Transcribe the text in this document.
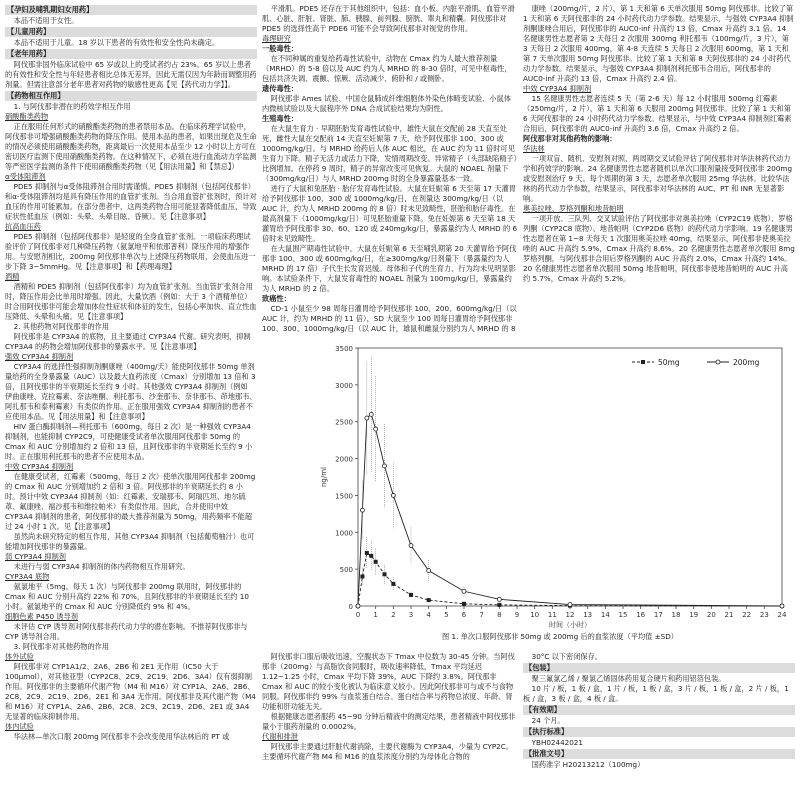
【孕妇及哺乳期妇女用药】
本品不适用于女性。
【儿童用药】
本品不适用于儿童。18 岁以下患者的有效性和安全性尚未确定。
【老年用药】
阿伐那非国外临床试验中 65 岁或以上的受试者约占 23%。65 岁以上患者的有效性和安全性与年轻患者相比总体无差异，因此无需仅因为年龄而调整用药剂量。但需注意部分老年患者对药物的敏感性更高【见【药代动力学】】。
【药物相互作用】
1. 与阿伐那非潜在的药效学相互作用
硝酸酯类药物
正在服用任何形式的硝酸酯类药物的患者禁用本品。在临床药理学试验中，阿伐那非可增强硝酸酯类药物的降压作用。使用本品的患者，如果出现危及生命的情况必须使用硝酸酯类药物，距离最后一次使用本品至少 12 小时以上方可在密切医疗监测下使用硝酸酯类药物。在这种情况下，必须在进行血流动力学监测等严密医学监测的条件下使用硝酸酯类药物（见【用法用量】和【禁忌】）
α受体阻滞剂
PDE5 抑制剂与α受体阻滞剂合用时需谨慎。PDE5 抑制剂（包括阿伐那非）和α-受体阻滞剂均是具有降压作用的血管扩张剂。当合用血管扩张剂时，预计对血压的作用可能累加。在部分患者中，这两类药物合用可能显著降低血压，导致症状性低血压（例如：头晕、头晕目眩、昏厥）。见【注意事项】
抗高血压药
PDE5 抑制剂（包括阿伐那非）是轻度的全身血管扩张剂。一项临床药理试验评价了阿伐那非对几种降压药物（氨氯地平和依那普利）降压作用的增强作用。与安慰剂相比，200mg 阿伐那非单次与上述降压药物联用，会使血压进一步下降 3~5mmHg。见【注意事项】和【药理毒理】
酒精
酒精和 PDE5 抑制剂（包括阿伐那非）均为血管扩张剂。当血管扩张剂合用时，降压作用会比单用时增强。因此，大量饮酒（例如：大于 3 个酒精单位）时合用阿伐那非可能会增加体位性症状和体征的发生，包括心率加快、直立性血压降低、头晕和头痛。见【注意事项】
2. 其他药物对阿伐那非的作用
阿伐那非是 CYP3A4 的底物，且主要通过 CYP3A4 代谢。研究表明，抑制 CYP3A4 的药物会增加阿伐那非的暴露水平。见【注意事项】
强效 CYP3A4 抑制剂
CYP3A4 的选择性强抑制剂酮康唑（400mg/天）能使阿伐那非 50mg 单剂量给药的全身暴露量（AUC）以及最大血药浓度（Cmax）分别增加 13 倍和 3 倍，且阿伐那非的半衰期延长至约 9 小时。其他强效 CYP3A4 抑制剂（例如 伊曲康唑、克拉霉素、奈法唑酮、利托那韦、沙奎那韦、奈非那韦、茚地那韦、阿扎那韦和泰利霉素）有类似的作用。正在服用强效 CYP3A4 抑制剂的患者不应使用本品。见【用法用量】和【注意事项】
HIV 蛋白酶抑制剂—利托那韦（600mg，每日 2 次）是一种强效 CYP3A4 抑制剂，也能抑制 CYP2C9，可使健康受试者单次服用阿伐那非 50mg 的 Cmax 和 AUC 分别增加约 2 倍和 13 倍，且阿伐那非的半衰期延长至约 9 小时。正在服用利托那韦的患者不应使用本品。
中效 CYP3A4 抑制剂
在健康受试者，红霉素（500mg，每日 2 次）使单次服用阿伐那非 200mg 的 Cmax 和 AUC 分别增加约 2 倍和 3 倍。阿伐那非的半衰期延长约 8 小时。预计中效 CYP3A4 抑制剂（如：红霉素、安瑞那韦、阿瑞匹坦、地尔硫䓬、氟康唑、福沙那韦和维拉帕米）有类似作用。因此，合并使用中效 CYP3A4 抑制剂的患者，阿伐那非的最大推荐剂量为 50mg，用药频率不能超过 24 小时 1 次。见【注意事项】
虽然尚未研究特定的相互作用，其他 CYP3A4 抑制剂（包括葡萄柚汁）也可能增加阿伐那非的暴露量。
弱 CYP3A4 抑制剂
未进行与弱 CYP3A4 抑制剂的体内药物相互作用研究。
CYP3A4 底物
氨氯地平（5mg，每天 1 次）与阿伐那非 200mg 联用时，阿伐那非的 Cmax 和 AUC 分别升高约 22% 和 70%，且阿伐那非的半衰期延长至约 10 小时。氨氯地平的 Cmax 和 AUC 分别降低约 9% 和 4%。
细胞色素 P450 诱导剂
未评估 CYP 诱导剂对阿伐那非药代动力学的潜在影响。不推荐阿伐那非与 CYP 诱导剂合用。
3. 阿伐那非对其他药物的作用
体外试验
阿伐那非对 CYP1A1/2、2A6、2B6 和 2E1 无作用（IC50 大于 100μmol），对其他亚型（CYP2C8、2C9、2C19、2D6、3A4）仅有弱抑制作用。阿伐那非的主要循环代谢产物（M4 和 M16）对 CYP1A、2A6、2B6、2C8、2C9、2C19、2D6、2E1 和 3A4 无作用。阿伐那非及其代谢产物（M4 和 M16）对 CYP1A、2A6、2B6、2C8、2C9、2C19、2D6、2E1 或 3A4 无显著的临床抑制作用。
体内试验
华法林—单次口服 200mg 阿伐那非不会改变使用华法林后的 PT 或
平滑肌。PDE5 还存在于其他组织中，包括：血小板、内脏平滑肌、血管平滑肌、心脏、肝脏、肾脏、肺、胰腺、前列腺、膀胱、睾丸和精囊。阿伐那非对 PDE5 的选择性高于 PDE6 可能不会导致阿伐那非对视觉的作用。
毒理研究
一般毒性：
在不同种属的重复给药毒性试验中，动物在 Cmax 约为人最大推荐剂量（MRHD）的 5-8 倍以及 AUC 约为人 MRHD 的 8-30 倍时，可见中枢毒性，包括共济失调、震颤、惊厥、活动减少、俯卧和 / 或侧卧。
遗传毒性：
阿伐那非 Ames 试验、中国仓鼠肺成纤维细胞体外染色体畸变试验、小鼠体内微核试验以及大鼠程序外 DNA 合成试验结果均为阴性。
生殖毒性：
在大鼠生育力 · 早期胚胎发育毒性试验中，雄性大鼠在交配前 28 天直至处死，雌性大鼠在交配前 14 天直至妊娠第 7 天，给予阿伐那非 100、300 或 1000mg/kg/日。与 MRHD 给药后人体 AUC 相比，在 AUC 约为 11 倍时可见生育力下降。精子无活力或活力下降，发情周期改变。异常精子（头部缺陷精子）比例增加。在停药 9 周时，精子的异常改变可见恢复。大鼠的 NOAEL 剂量下（300mg/kg/日）与人 MRHD 200mg 时的全身暴露量基本一致。
进行了大鼠和兔胚胎 · 胎仔发育毒性试验。大鼠在妊娠第 6 天至第 17 天灌胃给予阿伐那非 100、300 或 1000mg/kg/日，在剂量达 300mg/kg/日（以 AUC 计，约为人 MRHD 200mg 的 8 倍）时未见致畸性，胚胎和胎仔毒性。在最高剂量下（1000mg/kg/日）可见胚胎重量下降。兔在妊娠第 6 天至第 18 天灌胃给予阿伐那非 30、60、120 或 240mg/kg/日，暴露量约为人 MRHD 的 6 倍时未见致畸性。
在大鼠围产期毒性试验中，大鼠在妊娠第 6 天至哺乳期第 20 天灌胃给予阿伐那非 100、300 或 600mg/kg/日，在≥300mg/kg/日剂量下（暴露量约为人 MRHD 的 17 倍）子代生长发育迟缓。母体和子代的生育力、行为均未见明显影响。本试验条件下，大鼠发育毒性的 NOAEL 剂量为 100mg/kg/日，暴露量约为人 MRHD 的 2 倍。
致癌性：
CD-1 小鼠至少 98 周每日灌胃给予阿伐那非 100、200、600mg/kg/日（以 AUC 计，约为 MRHD 的 11 倍），SD 大鼠至少 100 周每日灌胃给予阿伐那非 100、300、1000mg/kg/日（以 AUC 计，雄鼠和雌鼠分别约为人 MRHD 的 8
康唑（200mg/片，2 片），第 1 天和第 6 天单次服用 50mg 阿伐那非。比较了第 1 天和第 6 天阿伐那非的 24 小时药代动力学参数。结果显示，与强效 CYP3A4 抑制剂酮康唑合用后，阿伐那非的 AUC0-inf 升高约 13 倍，Cmax 升高约 3.1 倍。14 名健康男性志愿者第 2 天每日 2 次服用 300mg 利托那韦（100mg/片，3 片），第 3 天每日 2 次服用 400mg，第 4-8 天连续 5 天每日 2 次服用 600mg，第 1 天和第 7 天单次服用 50mg 阿伐那非。比较了第 1 天和第 8 天阿伐那非的 24 小时药代动力学参数。结果显示，与强效 CYP3A4 抑制剂利托那韦合用后，阿伐那非的 AUC0-inf 升高约 13 倍，Cmax 升高约 2.4 倍。
中效 CYP3A4 抑制剂
15 名健康男性志愿者连续 5 天（第 2-6 天）每 12 小时服用 500mg 红霉素（250mg/片，2 片），第 1 天和第 6 天服用 200mg 阿伐那非。比较了第 1 天和第 6 天阿伐那非的 24 小时药代动力学参数。结果显示，与中效 CYP3A4 抑制剂红霉素合用后，阿伐那非的 AUC0-inf 升高约 3.6 倍，Cmax 升高约 2 倍。
阿伐那非对其他药物的影响：
华法林
一项双盲、随机、安慰剂对照、两周期交叉试验评估了阿伐那非对华法林药代动力学和药效学的影响。24 名健康男性志愿者随机以单次口服剂量接受阿伐那非 200mg 或安慰剂治疗 9 天。每个周期的第 3 天，志愿者单次服用 25mg 华法林。比较华法林的药代动力学参数，结果显示，阿伐那非对华法林的 AUC、PT 和 INR 无显著影响。
奥美拉唑、罗格列酮和地昔帕明
一项开放、三队列、交叉试验评估了阿伐那非对奥美拉唑（CYP2C19 底物）、罗格列酮（CYP2C8 底物）、地昔帕明（CYP2D6 底物）的药代动力学影响。19 名健康男性志愿者在第 1~8 天每天 1 次服用奥美拉唑 40mg，结果显示，阿伐那非使奥美拉唑的 AUC 升高约 5.9%，Cmax 升高约 8.6%。20 名健康男性志愿者单次服用 8mg 罗格列酮，与阿伐那非合用后罗格列酮的 AUC 升高约 2.0%，Cmax 升高约 14%。20 名健康男性志愿者单次服用 50mg 地昔帕明，阿伐那非使地昔帕明的 AUC 升高约 5.7%，Cmax 升高约 5.2%。
0
500
1000
1500
2000
2500
3000
3500
0 1 2 3 4 5 6 7 8 9 10 11 12 13 14 15 16 17 18 19 20 21 22 23 24
时间（小时）
ng/ml
50mg	200mg
图 1. 单次口服阿伐那非 50mg 或 200mg 后的血浆浓度（平均值 ±SD）
阿伐那非口服后吸收迅速，空腹状态下 Tmax 中位数为 30-45 分钟。当阿伐那非（200mg）与高脂饮食同服时，吸收速率降低，Tmax 平均延迟 1.12~1.25 小时，Cmax 平均下降 39%，AUC 下降约 3.8%。阿伐那非 Cmax 和 AUC 的较小变化被认为临床意义较小。因此阿伐那非可与或不与食物同服。阿伐那非约 99% 与血浆蛋白结合。蛋白结合率与药物总浓度、年龄、肾功能和肝功能无关。
根据健康志愿者服药 45~90 分钟后精液中的测定结果，患者精液中阿伐那非量小于服药剂量的 0.0002%。
代谢和排泄
阿伐那非主要通过肝脏代谢消除，主要代谢酶为 CYP3A4，少量为 CYP2C。主要循环代谢产物 M4 和 M16 的血浆浓度分别约为母体化合物的
30°C 以下密闭保存。
【包装】
聚三氟氯乙烯 / 聚氯乙烯固体药用复合硬片和药用铝箔包装。
10 片 / 板，1 板 / 盒，1 片 / 板，1 板 / 盒，3 片 / 板，1 板 / 盒，2 片 / 板，1 板 / 盒，3 板 / 盒，4 板 / 盒。
【有效期】
24 个月。
【执行标准】
YBH02442021
【批准文号】
国药准字 H20213212（100mg）
